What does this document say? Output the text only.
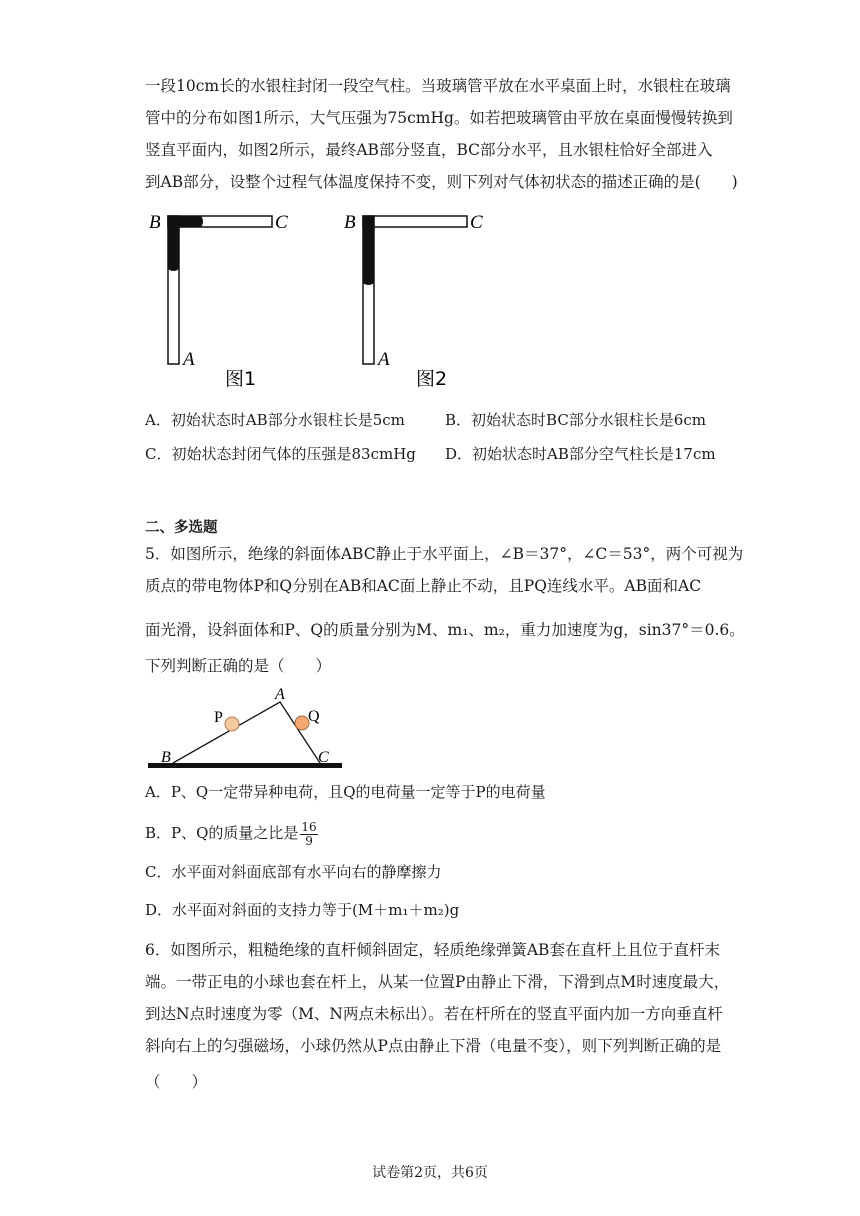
一段10cm长的水银柱封闭一段空气柱。当玻璃管平放在水平桌面上时，水银柱在玻璃
管中的分布如图1所示，大气压强为75cmHg。如若把玻璃管由平放在桌面慢慢转换到
竖直平面内，如图2所示，最终AB部分竖直，BC部分水平，且水银柱恰好全部进入
到AB部分，设整个过程气体温度保持不变，则下列对气体初状态的描述正确的是(　　)
B	C
A
图1
B	C
A
图2
A．初始状态时AB部分水银柱长是5cm	B．初始状态时BC部分水银柱长是6cm
C．初始状态封闭气体的压强是83cmHg D．初始状态时AB部分空气柱长是17cm
二、多选题
5．如图所示，绝缘的斜面体ABC静止于水平面上，∠B＝37°，∠C＝53°，两个可视为
质点的带电物体P和Q分别在AB和AC面上静止不动，且PQ连线水平。AB面和AC
面光滑，设斜面体和P、Q的质量分别为M、m₁、m₂，重力加速度为g，sin37°＝0.6。
下列判断正确的是（　　）
A
P	Q
B	C
A．P、Q一定带异种电荷，且Q的电荷量一定等于P的电荷量
B．P、Q的质量之比是 $\frac{16}{9}$
C．水平面对斜面底部有水平向右的静摩擦力
D．水平面对斜面的支持力等于(M＋m₁＋m₂)g
6．如图所示，粗糙绝缘的直杆倾斜固定，轻质绝缘弹簧AB套在直杆上且位于直杆末
端。一带正电的小球也套在杆上，从某一位置P由静止下滑，下滑到点M时速度最大，
到达N点时速度为零（M、N两点未标出）。若在杆所在的竖直平面内加一方向垂直杆
斜向右上的匀强磁场，小球仍然从P点由静止下滑（电量不变），则下列判断正确的是
（　　）
试卷第2页，共6页
